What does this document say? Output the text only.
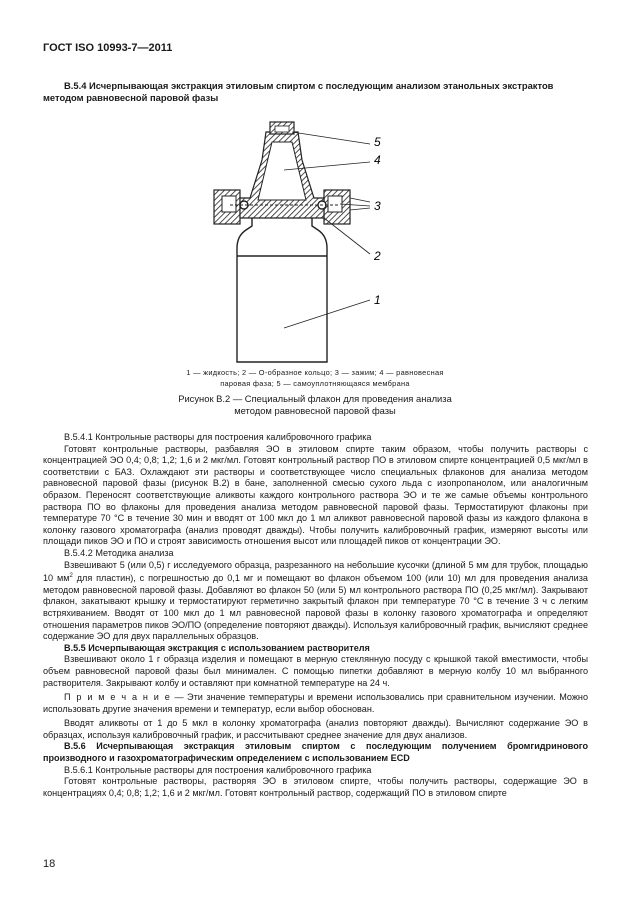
ГОСТ ISO 10993-7—2011
B.5.4 Исчерпывающая экстракция этиловым спиртом с последующим анализом этанольных экстрактов
методом равновесной паровой фазы
5
4
3
2
1
1 — жидкость; 2 — O-образное кольцо; 3 — зажим; 4 — равновесная
паровая фаза; 5 — самоуплотняющаяся мембрана
Рисунок В.2 — Специальный флакон для проведения анализа
методом равновесной паровой фазы

B.5.4.1 Контрольные растворы для построения калибровочного графика

Готовят контрольные растворы, разбавляя ЭО в этиловом спирте таким образом, чтобы получить растворы с концентрацией ЭО 0,4; 0,8; 1,2; 1,6 и 2 мкг/мл. Готовят контрольный раствор ПО в этиловом спирте концентрацией 0,5 мкг/мл в соответствии с БАЗ. Охлаждают эти растворы и соответствующее число специальных флаконов для анализа методом равновесной паровой фазы (рисунок В.2) в бане, заполненной смесью сухого льда с изопропанолом, или аналогичным образом. Переносят соответствующие аликвоты каждого контрольного раствора ЭО и те же самые объемы контрольного раствора ПО во флаконы для проведения анализа методом равновесной паровой фазы. Термостатируют флаконы при температуре 70 °С в течение 30 мин и вводят от 100 мкл до 1 мл аликвот равновесной паровой фазы из каждого флакона в колонку газового хроматографа (анализ проводят дважды). Чтобы получить калибровочный график, измеряют высоты или площади пиков ЭО и ПО и строят зависимость отношения высот или площадей пиков от концентрации ЭО.

B.5.4.2 Методика анализа

Взвешивают 5 (или 0,5) г исследуемого образца, разрезанного на небольшие кусочки (длиной 5 мм для трубок, площадью 10 $мм^2$ для пластин), с погрешностью до 0,1 мг и помещают во флакон объемом 100 (или 10) мл для проведения анализа методом равновесной паровой фазы. Добавляют во флакон 50 (или 5) мл контрольного раствора ПО (0,25 мкг/мл). Закрывают флакон, закатывают крышку и термостатируют герметично закрытый флакон при температуре 70 °С в течение 3 ч с легким встряхиванием. Вводят от 100 мкл до 1 мл равновесной паровой фазы в колонку газового хроматографа и определяют отношения параметров пиков ЭО/ПО (определение повторяют дважды). Используя калибровочный график, вычисляют среднее содержание ЭО для двух параллельных образцов.

B.5.5 Исчерпывающая экстракция с использованием растворителя

Взвешивают около 1 г образца изделия и помещают в мерную стеклянную посуду с крышкой такой вместимости, чтобы объем равновесной паровой фазы был минимален. С помощью пипетки добавляют в мерную колбу 10 мл выбранного растворителя. Закрывают колбу и оставляют при комнатной температуре на 24 ч.

П р и м е ч а н и е — Эти значение температуры и времени использовались при сравнительном изучении. Можно использовать другие значения времени и температур, если выбор обоснован.

Вводят аликвоты от 1 до 5 мкл в колонку хроматографа (анализ повторяют дважды). Вычисляют содержание ЭО в образцах, используя калибровочный график, и рассчитывают среднее значение для двух анализов.

B.5.6 Исчерпывающая экстракция этиловым спиртом с последующим получением бромгидринового производного и газохроматографическим определением с использованием ECD

B.5.6.1 Контрольные растворы для построения калибровочного графика

Готовят контрольные растворы, растворяя ЭО в этиловом спирте, чтобы получить растворы, содержащие ЭО в концентрациях 0,4; 0,8; 1,2; 1,6 и 2 мкг/мл. Готовят контрольный раствор, содержащий ПО в этиловом спирте

18
